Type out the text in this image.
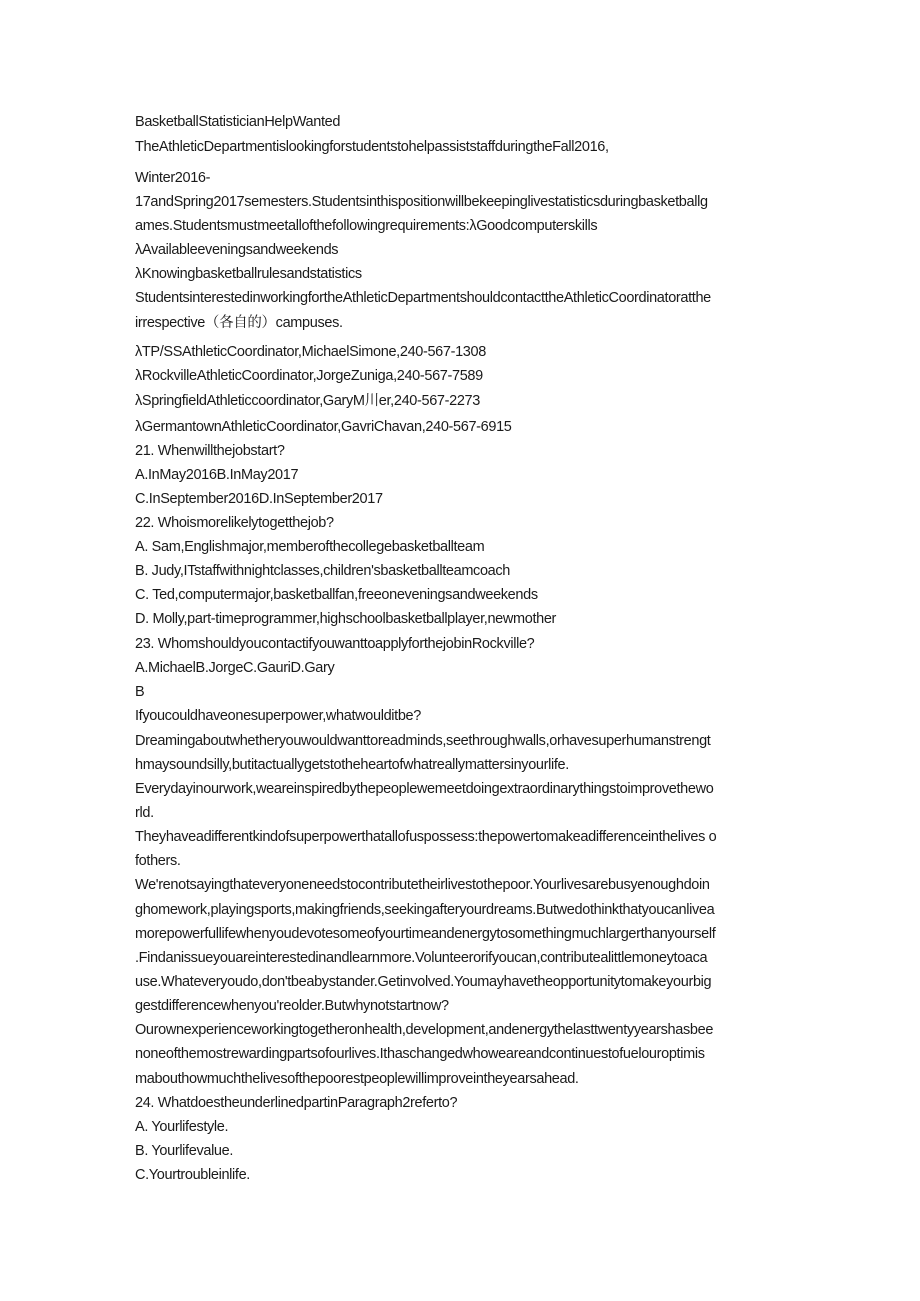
BasketballStatisticianHelpWanted
TheAthleticDepartmentislookingforstudentstohelpassiststaffduringtheFall2016,
Winter2016-
17andSpring2017semesters.Studentsinthispositionwillbekeepinglivestatisticsduringbasketballg
ames.Studentsmustmeetallofthefollowingrequirements:λGoodcomputerskills
λAvailableeveningsandweekends
λKnowingbasketballrulesandstatistics
StudentsinterestedinworkingfortheAthleticDepartmentshouldcontacttheAthleticCoordinatoratthe
irrespective（各自的）campuses.
λTP/SSAthleticCoordinator,MichaelSimone,240-567-1308
λRockvilleAthleticCoordinator,JorgeZuniga,240-567-7589
λSpringfieldAthleticcoordinator,GaryM川er,240-567-2273
λGermantownAthleticCoordinator,GavriChavan,240-567-6915
21. Whenwillthejobstart?
A.InMay2016B.InMay2017
C.InSeptember2016D.InSeptember2017
22. Whoismorelikelytogetthejob?
A. Sam,Englishmajor,memberofthecollegebasketballteam
B. Judy,ITstaffwithnightclasses,children'sbasketballteamcoach
C. Ted,computermajor,basketballfan,freeoneveningsandweekends
D. Molly,part-timeprogrammer,highschoolbasketballplayer,newmother
23. WhomshouldyoucontactifyouwanttoapplyforthejobinRockville?
A.MichaelB.JorgeC.GauriD.Gary
B
Ifyoucouldhaveonesuperpower,whatwoulditbe?
Dreamingaboutwhetheryouwouldwanttoreadminds,seethroughwalls,orhavesuperhumanstrengt
hmaysoundsilly,butitactuallygetstotheheartofwhatreallymattersinyourlife.
Everydayinourwork,weareinspiredbythepeoplewemeetdoingextraordinarythingstoimprovethewo
rld.
Theyhaveadifferentkindofsuperpowerthatallofuspossess:thepowertomakeadifferenceinthelives o
fothers.
We'renotsayingthateveryoneneedstocontributetheirlivestothepoor.Yourlivesarebusyenoughdoin
ghomework,playingsports,makingfriends,seekingafteryourdreams.Butwedothinkthatyoucanlivea
morepowerfullifewhenyoudevotesomeofyourtimeandenergytosomethingmuchlargerthanyourself
.Findanissueyouareinterestedinandlearnmore.Volunteerorifyoucan,contributealittlemoneytoaca
use.Whateveryoudo,don'tbeabystander.Getinvolved.Youmayhavetheopportunitytomakeyourbig
gestdifferencewhenyou'reolder.Butwhynotstartnow?
Ourownexperienceworkingtogetheronhealth,development,andenergythelasttwentyyearshasbee
noneofthemostrewardingpartsofourlives.Ithaschangedwhoweareandcontinuestofuelouroptimis
mabouthowmuchthelivesofthepoorestpeoplewillimproveintheyearsahead.
24. WhatdoestheunderlinedpartinParagraph2referto?
A. Yourlifestyle.
B. Yourlifevalue.
C.Yourtroubleinlife.
